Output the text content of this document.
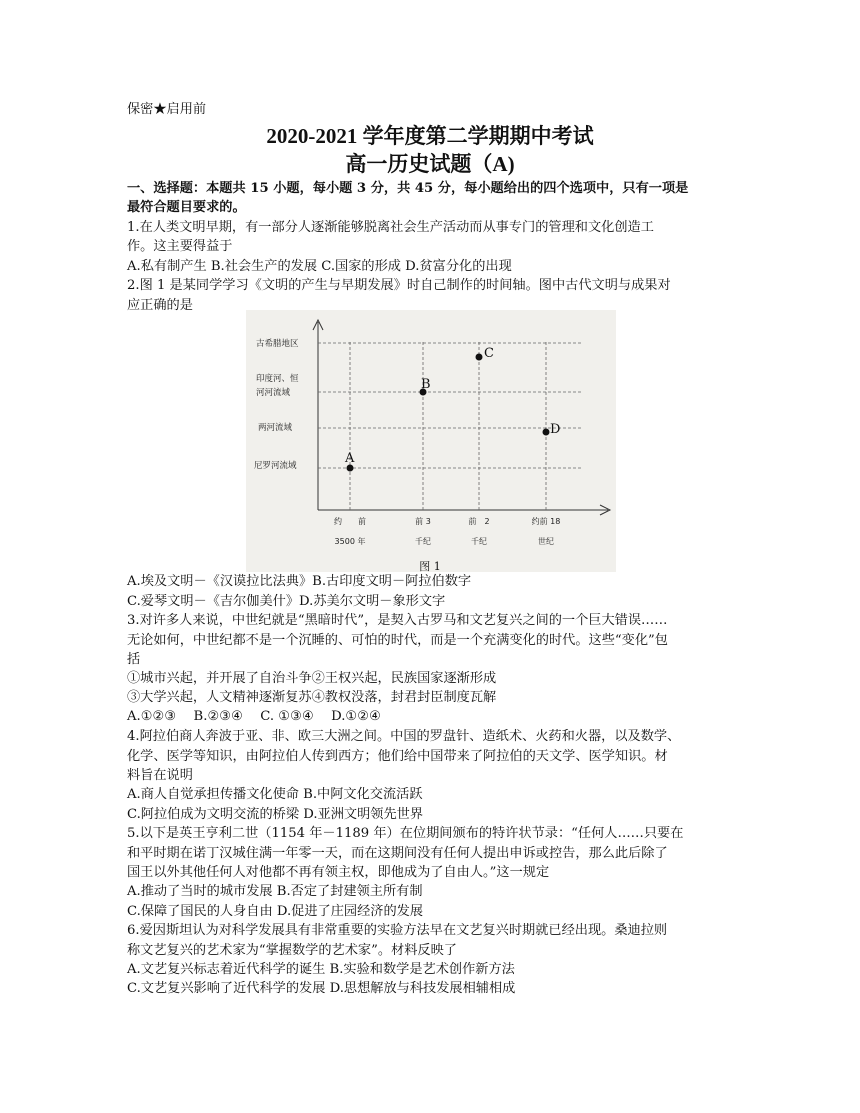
保密★启用前
2020-2021 学年度第二学期期中考试
高一历史试题（A)
一、选择题：本题共 15 小题，每小题 3 分，共 45 分，每小题给出的四个选项中，只有一项是
最符合题目要求的。
1.在人类文明早期，有一部分人逐渐能够脱离社会生产活动而从事专门的管理和文化创造工
作。这主要得益于
A.私有制产生 B.社会生产的发展 C.国家的形成 D.贫富分化的出现
2.图 1 是某同学学习《文明的产生与早期发展》时自己制作的时间轴。图中古代文明与成果对
应正确的是
古希腊地区
印度河、恒
河河流域
两河流域
尼罗河流域
约　　前	前 3	前　2	约前 18
3500 年	千纪	千纪	世纪
A
B
C
D
图 1
A.埃及文明－《汉谟拉比法典》B.古印度文明－阿拉伯数字
C.爱琴文明－《吉尔伽美什》D.苏美尔文明－象形文字
3.对许多人来说，中世纪就是“黑暗时代”，是契入古罗马和文艺复兴之间的一个巨大错误……
无论如何，中世纪都不是一个沉睡的、可怕的时代，而是一个充满变化的时代。这些“变化”包
括
①城市兴起，并开展了自治斗争②王权兴起，民族国家逐渐形成
③大学兴起，人文精神逐渐复苏④教权没落，封君封臣制度瓦解
A.①②③　 B.②③④　 C. ①③④　 D.①②④
4.阿拉伯商人奔波于亚、非、欧三大洲之间。中国的罗盘针、造纸术、火药和火器，以及数学、
化学、医学等知识，由阿拉伯人传到西方；他们给中国带来了阿拉伯的天文学、医学知识。材
料旨在说明
A.商人自觉承担传播文化使命 B.中阿文化交流活跃
C.阿拉伯成为文明交流的桥梁 D.亚洲文明领先世界
5.以下是英王亨利二世（1154 年－1189 年）在位期间颁布的特许状节录：“任何人……只要在
和平时期在诺丁汉城住满一年零一天，而在这期间没有任何人提出申诉或控告，那么此后除了
国王以外其他任何人对他都不再有领主权，即他成为了自由人。”这一规定
A.推动了当时的城市发展 B.否定了封建领主所有制
C.保障了国民的人身自由 D.促进了庄园经济的发展
6.爱因斯坦认为对科学发展具有非常重要的实验方法早在文艺复兴时期就已经出现。桑迪拉则
称文艺复兴的艺术家为“掌握数学的艺术家”。材料反映了
A.文艺复兴标志着近代科学的诞生 B.实验和数学是艺术创作新方法
C.文艺复兴影响了近代科学的发展 D.思想解放与科技发展相辅相成
